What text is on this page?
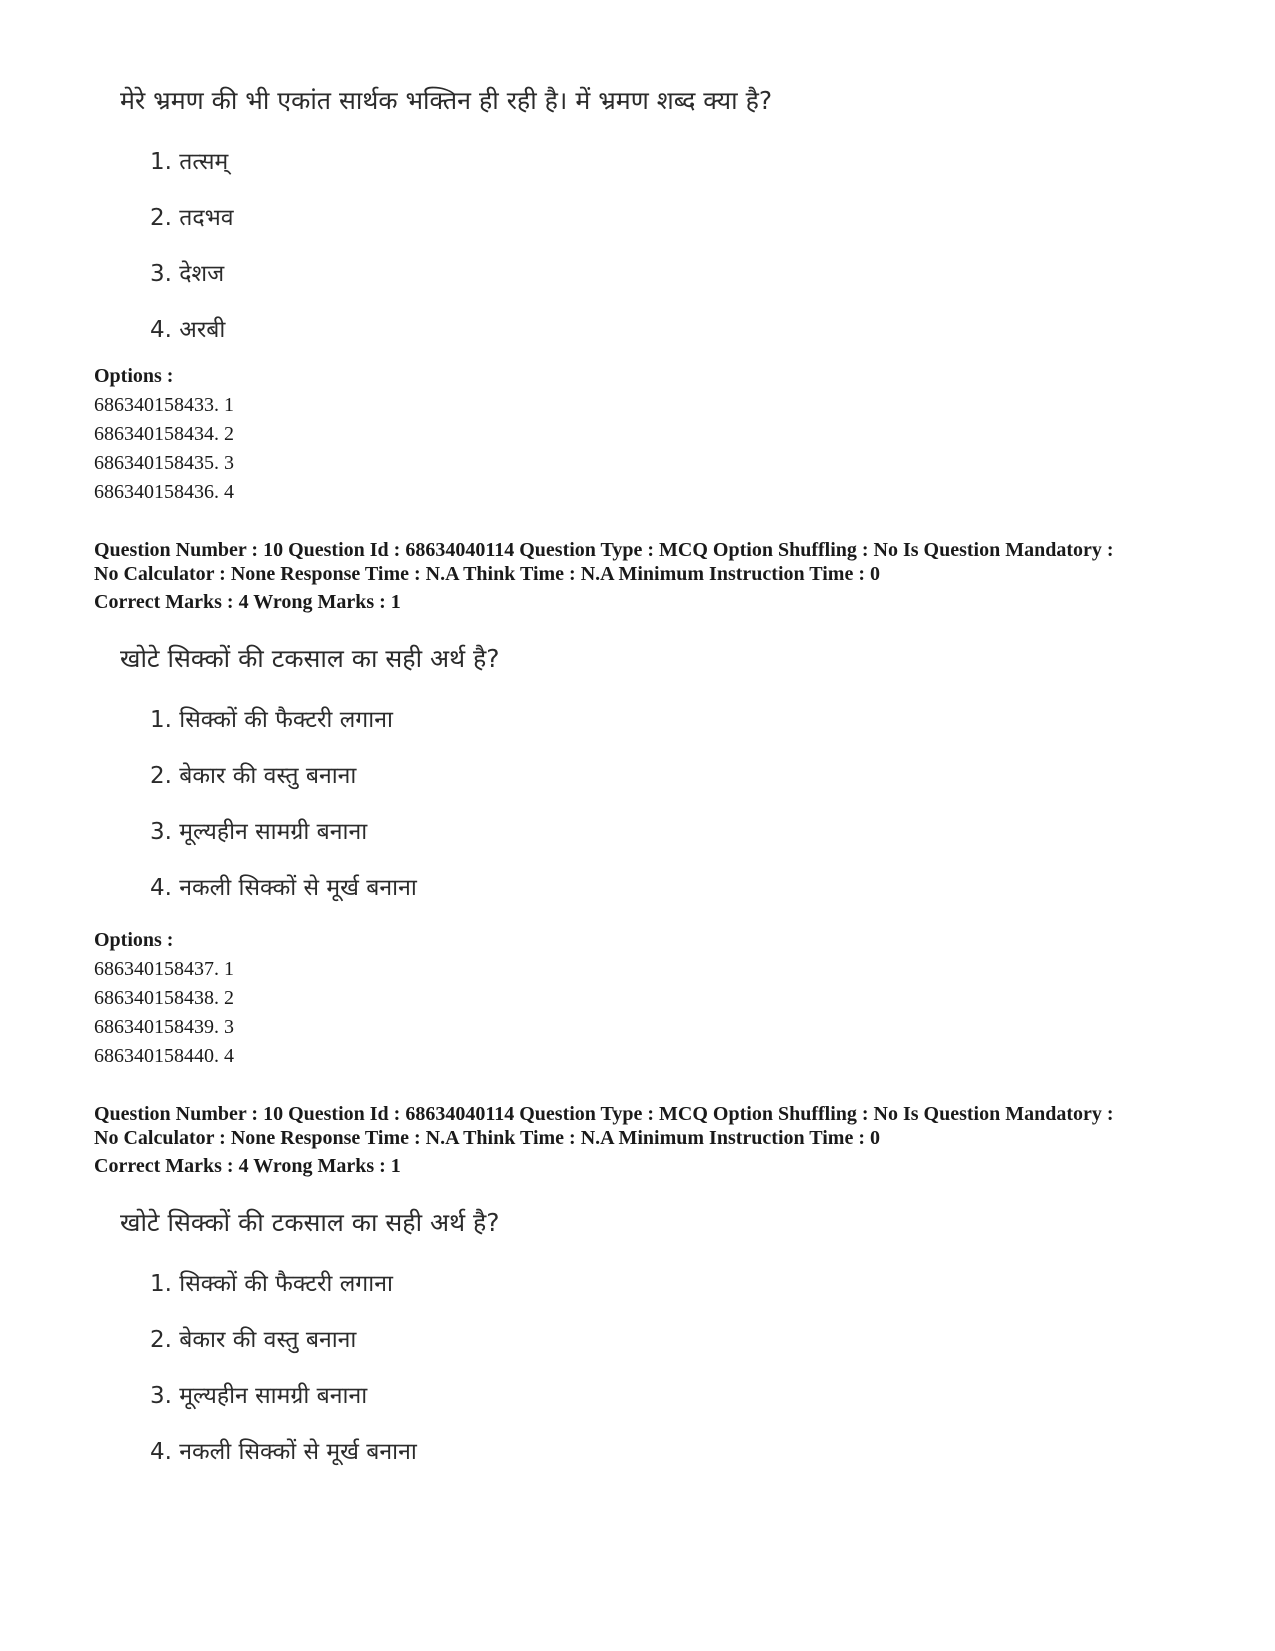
मेरे भ्रमण की भी एकांत सार्थक भक्तिन ही रही है। में भ्रमण शब्द क्या है?
1. तत्सम्
2. तदभव
3. देशज
4. अरबी
Options :
686340158433. 1
686340158434. 2
686340158435. 3
686340158436. 4
Question Number : 10 Question Id : 68634040114 Question Type : MCQ Option Shuffling : No Is Question Mandatory :
No Calculator : None Response Time : N.A Think Time : N.A Minimum Instruction Time : 0
Correct Marks : 4 Wrong Marks : 1
खोटे सिक्कों की टकसाल का सही अर्थ है?
1. सिक्कों की फैक्टरी लगाना
2. बेकार की वस्तु बनाना
3. मूल्यहीन सामग्री बनाना
4. नकली सिक्कों से मूर्ख बनाना
Options :
686340158437. 1
686340158438. 2
686340158439. 3
686340158440. 4
Question Number : 10 Question Id : 68634040114 Question Type : MCQ Option Shuffling : No Is Question Mandatory :
No Calculator : None Response Time : N.A Think Time : N.A Minimum Instruction Time : 0
Correct Marks : 4 Wrong Marks : 1
खोटे सिक्कों की टकसाल का सही अर्थ है?
1. सिक्कों की फैक्टरी लगाना
2. बेकार की वस्तु बनाना
3. मूल्यहीन सामग्री बनाना
4. नकली सिक्कों से मूर्ख बनाना
